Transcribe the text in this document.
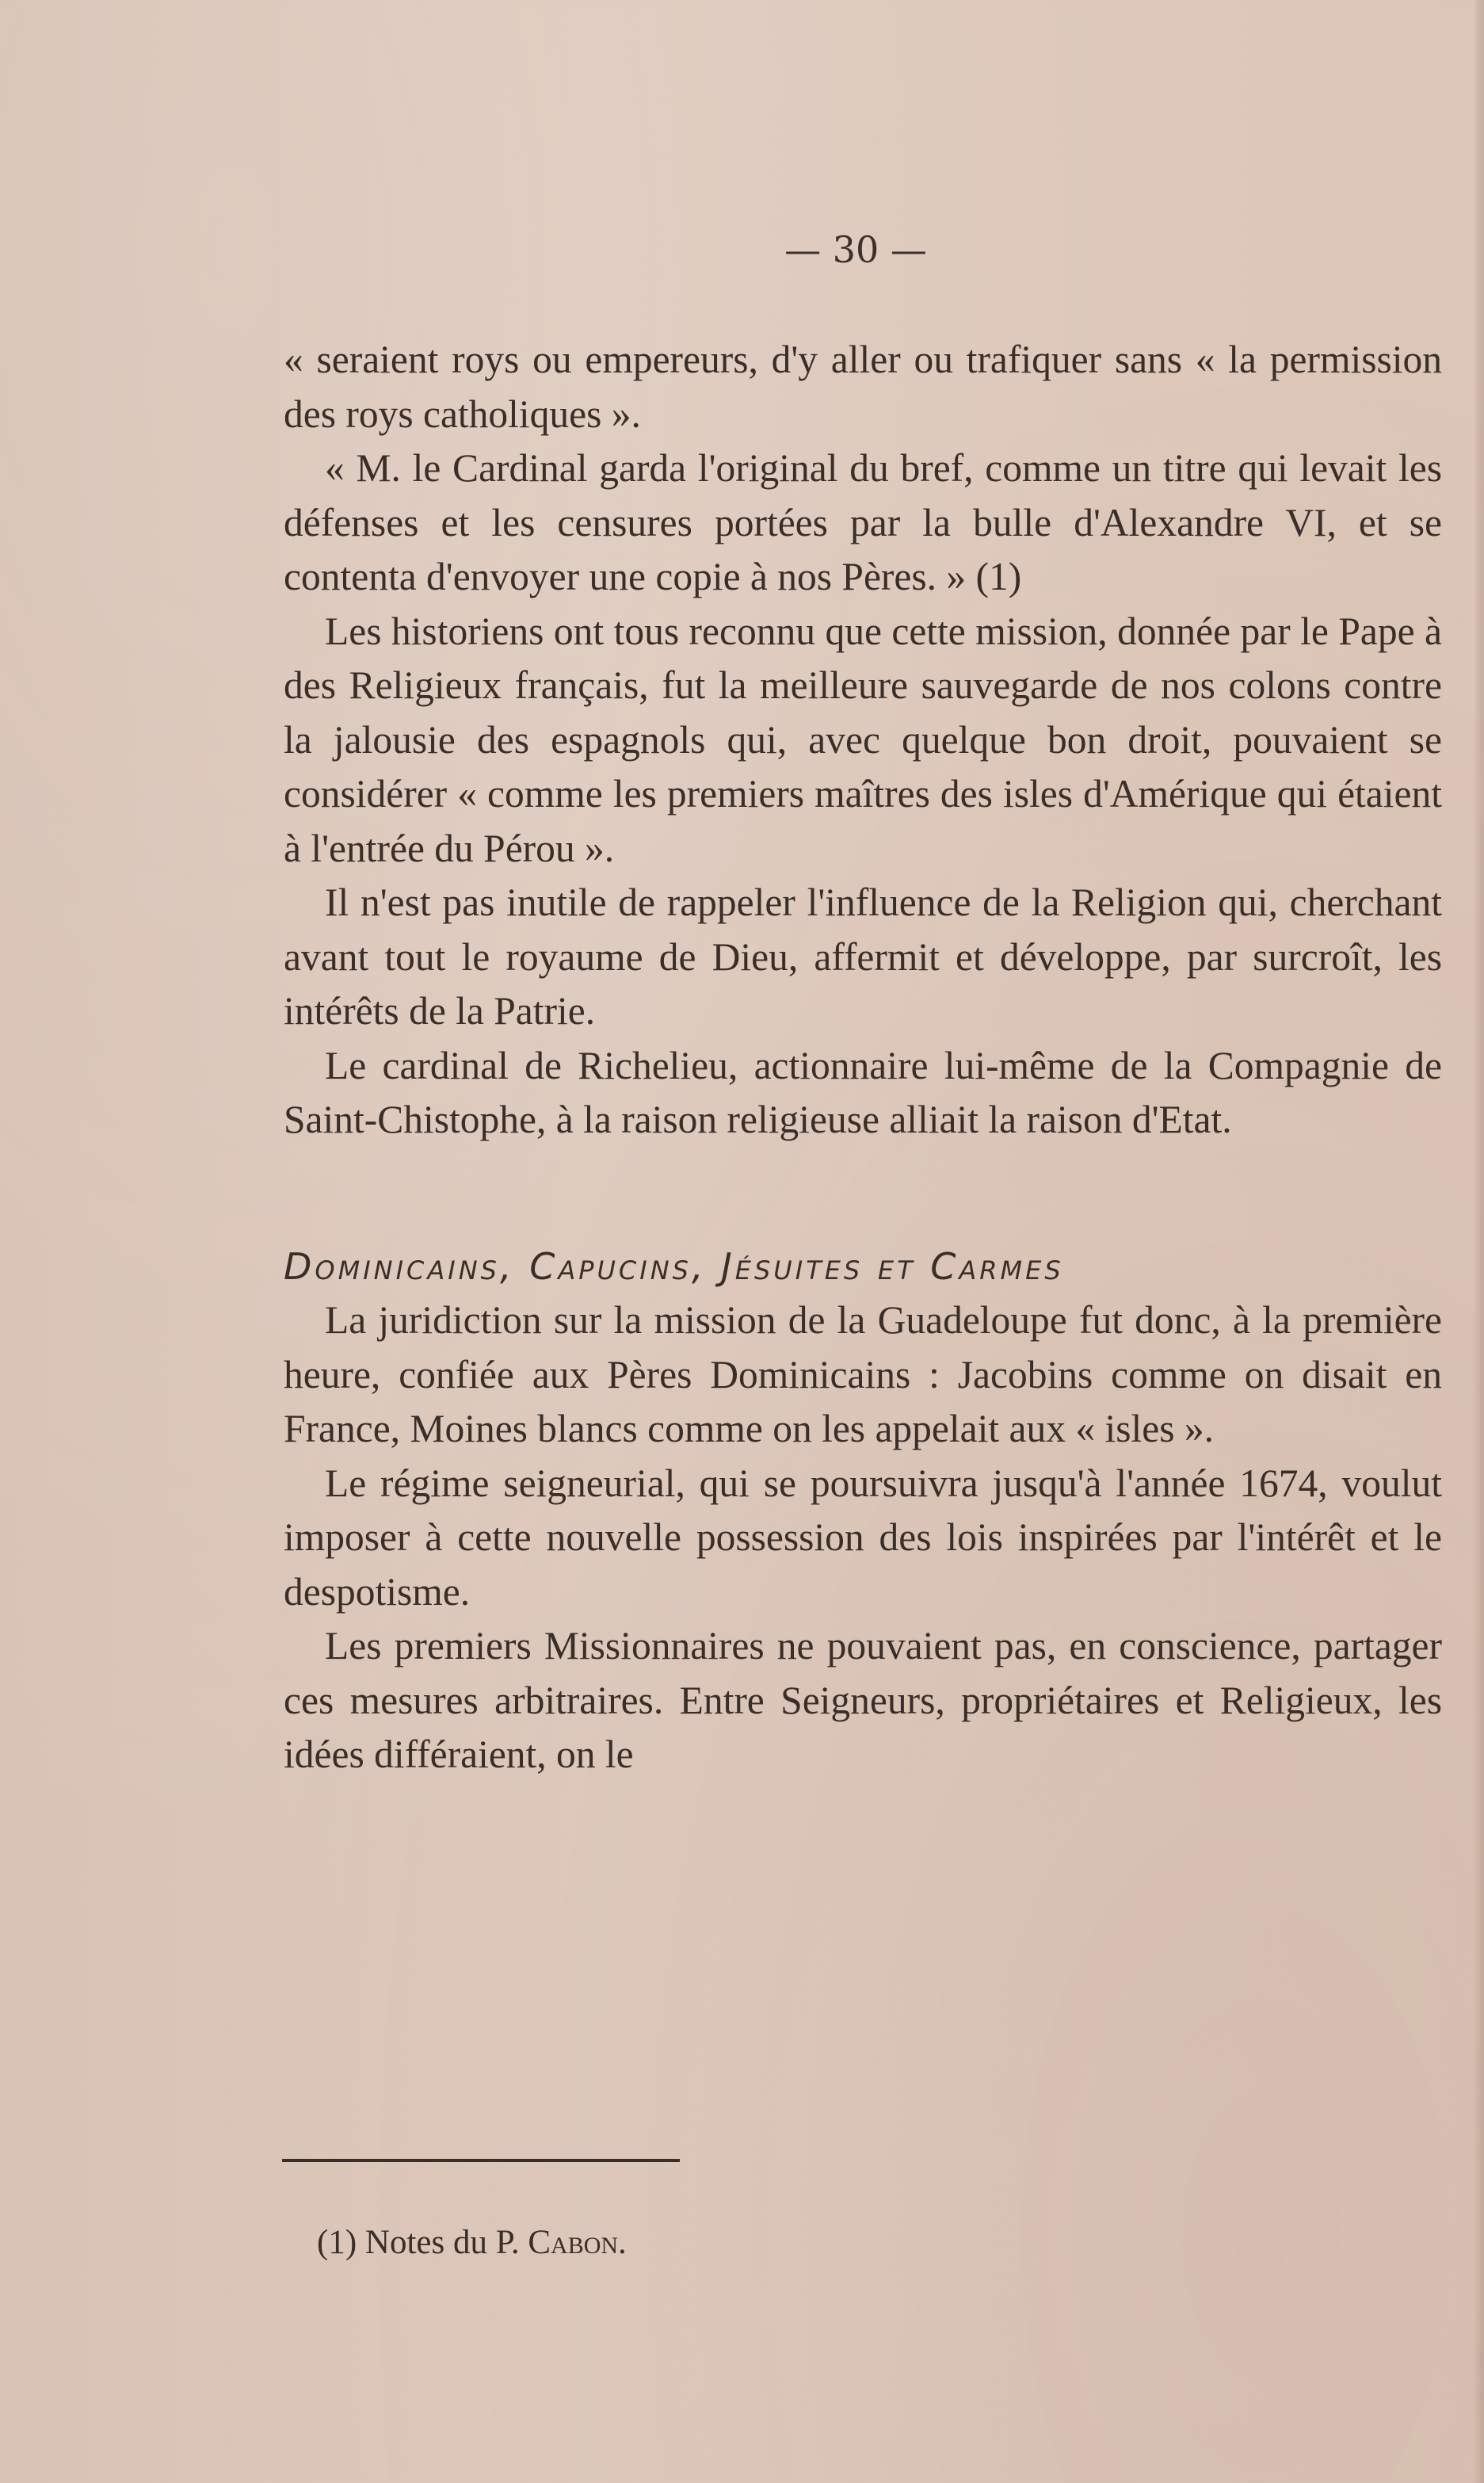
— 30 —

« seraient roys ou empereurs, d'y aller ou trafiquer sans « la permission des roys catholiques ».

« M. le Cardinal garda l'original du bref, comme un titre qui levait les défenses et les censures portées par la bulle d'Alexandre VI, et se contenta d'envoyer une copie à nos Pères. » (1)

Les historiens ont tous reconnu que cette mission, donnée par le Pape à des Religieux français, fut la meilleure sauvegarde de nos colons contre la jalousie des espagnols qui, avec quelque bon droit, pouvaient se considérer « comme les premiers maîtres des isles d'Amérique qui étaient à l'entrée du Pérou ».

Il n'est pas inutile de rappeler l'influence de la Religion qui, cherchant avant tout le royaume de Dieu, affermit et développe, par surcroît, les intérêts de la Patrie.

Le cardinal de Richelieu, actionnaire lui-même de la Compagnie de Saint-Chistophe, à la raison religieuse alliait la raison d'Etat.

Dominicains, Capucins, Jésuites et Carmes

La juridiction sur la mission de la Guadeloupe fut donc, à la première heure, confiée aux Pères Dominicains : Jacobins comme on disait en France, Moines blancs comme on les appelait aux « isles ».

Le régime seigneurial, qui se poursuivra jusqu'à l'année 1674, voulut imposer à cette nouvelle possession des lois inspirées par l'intérêt et le despotisme.

Les premiers Missionnaires ne pouvaient pas, en conscience, partager ces mesures arbitraires. Entre Seigneurs, propriétaires et Religieux, les idées différaient, on le

(1) Notes du P. Cabon.
